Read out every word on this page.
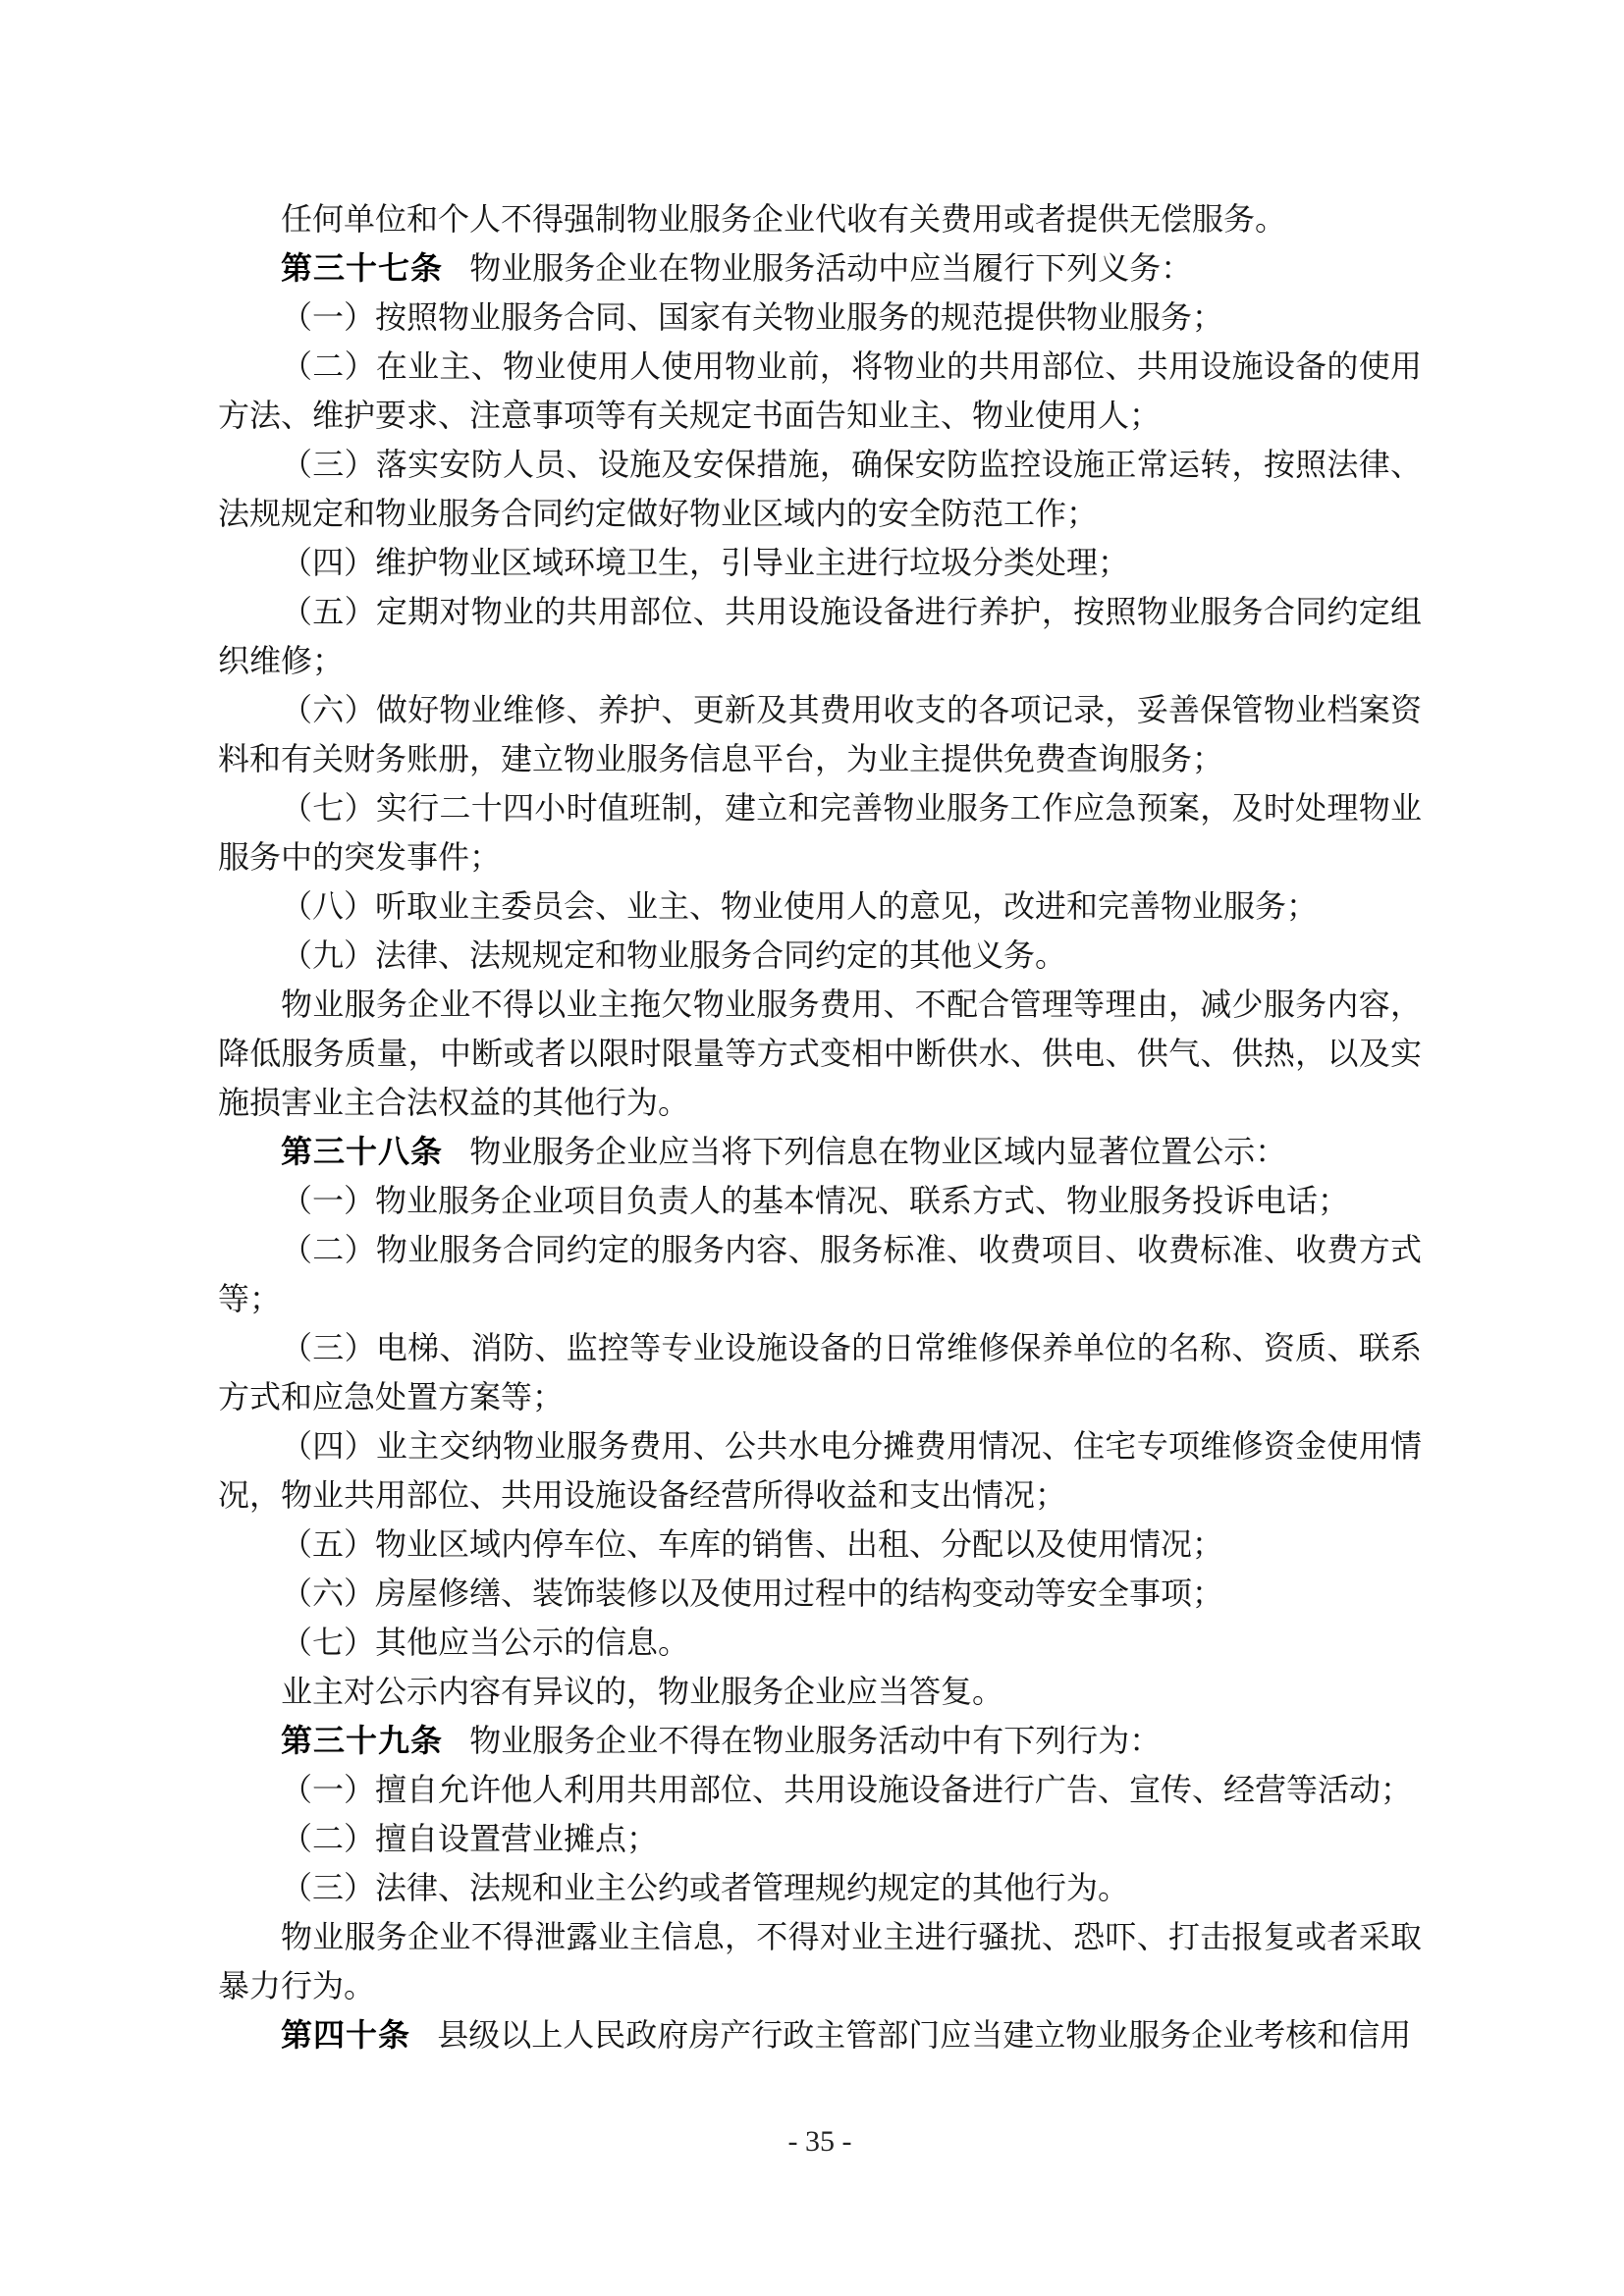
任何单位和个人不得强制物业服务企业代收有关费用或者提供无偿服务。

第三十七条 物业服务企业在物业服务活动中应当履行下列义务：

（一）按照物业服务合同、国家有关物业服务的规范提供物业服务；

（二）在业主、物业使用人使用物业前，将物业的共用部位、共用设施设备的使用方法、维护要求、注意事项等有关规定书面告知业主、物业使用人；

（三）落实安防人员、设施及安保措施，确保安防监控设施正常运转，按照法律、法规规定和物业服务合同约定做好物业区域内的安全防范工作；

（四）维护物业区域环境卫生，引导业主进行垃圾分类处理；

（五）定期对物业的共用部位、共用设施设备进行养护，按照物业服务合同约定组织维修；

（六）做好物业维修、养护、更新及其费用收支的各项记录，妥善保管物业档案资料和有关财务账册，建立物业服务信息平台，为业主提供免费查询服务；

（七）实行二十四小时值班制，建立和完善物业服务工作应急预案，及时处理物业服务中的突发事件；

（八）听取业主委员会、业主、物业使用人的意见，改进和完善物业服务；

（九）法律、法规规定和物业服务合同约定的其他义务。

物业服务企业不得以业主拖欠物业服务费用、不配合管理等理由，减少服务内容，降低服务质量，中断或者以限时限量等方式变相中断供水、供电、供气、供热，以及实施损害业主合法权益的其他行为。

第三十八条 物业服务企业应当将下列信息在物业区域内显著位置公示：

（一）物业服务企业项目负责人的基本情况、联系方式、物业服务投诉电话；

（二）物业服务合同约定的服务内容、服务标准、收费项目、收费标准、收费方式等；

（三）电梯、消防、监控等专业设施设备的日常维修保养单位的名称、资质、联系方式和应急处置方案等；

（四）业主交纳物业服务费用、公共水电分摊费用情况、住宅专项维修资金使用情况，物业共用部位、共用设施设备经营所得收益和支出情况；

（五）物业区域内停车位、车库的销售、出租、分配以及使用情况；

（六）房屋修缮、装饰装修以及使用过程中的结构变动等安全事项；

（七）其他应当公示的信息。

业主对公示内容有异议的，物业服务企业应当答复。

第三十九条 物业服务企业不得在物业服务活动中有下列行为：

（一）擅自允许他人利用共用部位、共用设施设备进行广告、宣传、经营等活动；

（二）擅自设置营业摊点；

（三）法律、法规和业主公约或者管理规约规定的其他行为。

物业服务企业不得泄露业主信息，不得对业主进行骚扰、恐吓、打击报复或者采取暴力行为。

第四十条 县级以上人民政府房产行政主管部门应当建立物业服务企业考核和信用

- 35 -
